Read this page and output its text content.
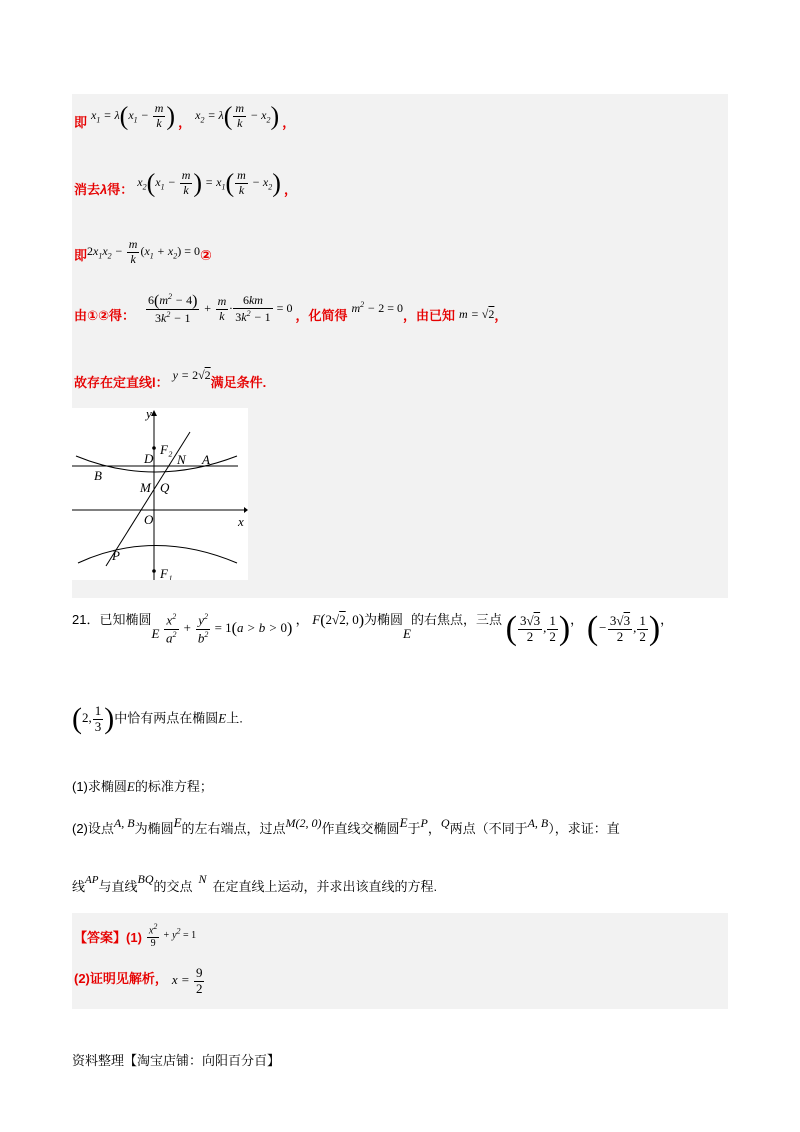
$_即$ $x_1 = \lambda(x_1 - \frac{m}{k}$ ) $_,$ $x_2 = \lambda( \frac{m}{k} - x_2)$ $_,$
$_{消去\lambda 得:}$ $x_2(x_1 - \frac{m}{k}$ ) = $x_1( \frac{m}{k} - x_2)$ $_,$
$_即2x_1x_2 - \frac{m}{k} (x_1 + x_2)$ = 0②
$_{由①②得:} \frac{6(m^2 - 4)}{3k^2 - 1} + \frac{m}{k} \cdot \frac{6km}{3k^2 - 1} = 0$ $_{,化简得}$ $m^2 - 2 = 0_{,由已知}$ $_{m = √2,}$
$_{故存在定直线l:}$ $y = 2√2_{满足条件.}$
y
x
O
F₂
F₁
D N A
B
M Q
P
21．已知椭圆E $\frac{x^2}{a^2} + \frac{y^2}{b^2} = 1(a > b > 0)$ ， F(2√2, 0)为椭圆E的右焦点，三点 ( $\frac{3√3}{2}$ , $\frac{1}{2}$ )， (− $\frac{3√3}{2}$ , $\frac{1}{2}$ )，
(2, $\frac{1}{3}$ )中恰有两点在椭圆E上.
(1)求椭圆E的标准方程；
(2)设点A, B为椭圆E的左右端点，过点M(2, 0)作直线交椭圆E于P，Q两点（不同于A, B），求证：直
线$^{AP}$与直线BQ的交点 N 在定直线上运动，并求出该直线的方程.
$_{【答案】(1)} \frac{x^2}{9} + y^2 = 1$
(2)证明见解析， $x = \frac{9}{2}$
资料整理【淘宝店铺：向阳百分百】
